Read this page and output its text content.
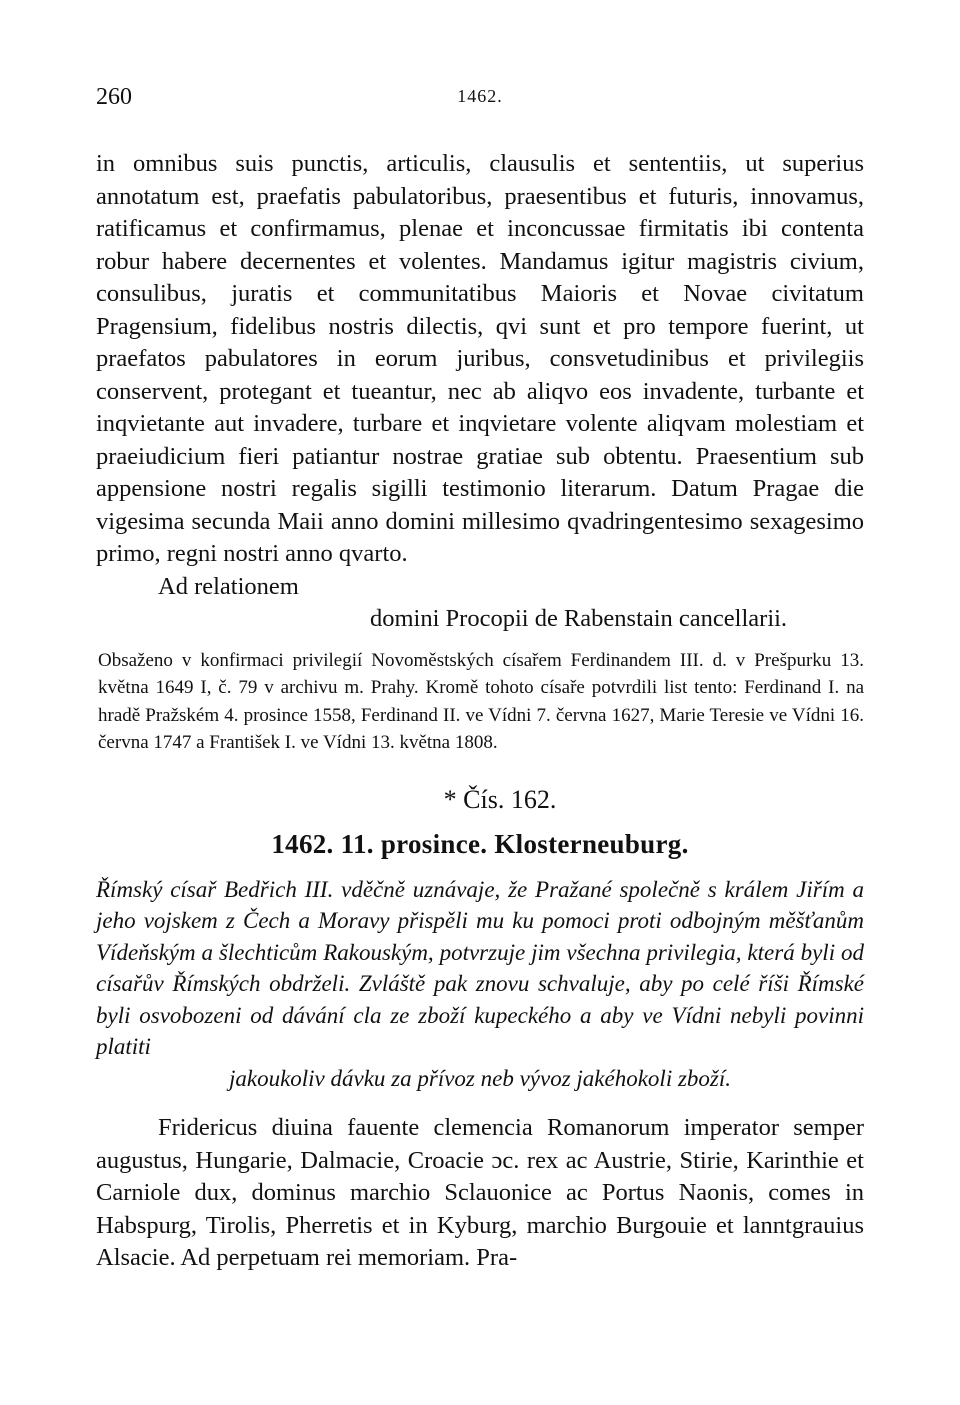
260	1462.

in omnibus suis punctis, articulis, clausulis et sententiis, ut superius annotatum est, praefatis pabulatoribus, praesentibus et futuris, innovamus, ratificamus et confirmamus, plenae et inconcussae firmitatis ibi contenta robur habere decernentes et volentes. Mandamus igitur magistris civium, consulibus, juratis et communitatibus Maioris et Novae civitatum Pragensium, fidelibus nostris dilectis, qvi sunt et pro tempore fuerint, ut praefatos pabulatores in eorum juribus, consvetudinibus et privilegiis conservent, protegant et tueantur, nec ab aliqvo eos invadente, turbante et inqvietante aut invadere, turbare et inqvietare volente aliqvam molestiam et praeiudicium fieri patiantur nostrae gratiae sub obtentu. Praesentium sub appensione nostri regalis sigilli testimonio literarum. Datum Pragae die vigesima secunda Maii anno domini millesimo qvadringentesimo sexagesimo primo, regni nostri anno qvarto.

Ad relationem
domini Procopii de Rabenstain cancellarii.

Obsaženo v konfirmaci privilegií Novoměstských císařem Ferdinandem III. d. v Prešpurku 13. května 1649 I, č. 79 v archivu m. Prahy. Kromě tohoto císaře potvrdili list tento: Ferdinand I. na hradě Pražském 4. prosince 1558, Ferdinand II. ve Vídni 7. června 1627, Marie Teresie ve Vídni 16. června 1747 a František I. ve Vídni 13. května 1808.

* Čís. 162.
1462. 11. prosince. Klosterneuburg.

Římský císař Bedřich III. vděčně uznávaje, že Pražané společně s králem Jiřím a jeho vojskem z Čech a Moravy přispěli mu ku pomoci proti odbojným měšťanům Vídeňským a šlechticům Rakouským, potvrzuje jim všechna privilegia, která byli od císařův Římských obdrželi. Zvláště pak znovu schvaluje, aby po celé říši Římské byli osvobozeni od dávání cla ze zboží kupeckého a aby ve Vídni nebyli povinni platiti

jakoukoliv dávku za přívoz neb vývoz jakéhokoli zboží.

Fridericus diuina fauente clemencia Romanorum imperator semper augustus, Hungarie, Dalmacie, Croacie ɔc. rex ac Austrie, Stirie, Karinthie et Carniole dux, dominus marchio Sclauonice ac Portus Naonis, comes in Habspurg, Tirolis, Pherretis et in Kyburg, marchio Burgouie et lanntgrauius Alsacie. Ad perpetuam rei memoriam. Pra-
